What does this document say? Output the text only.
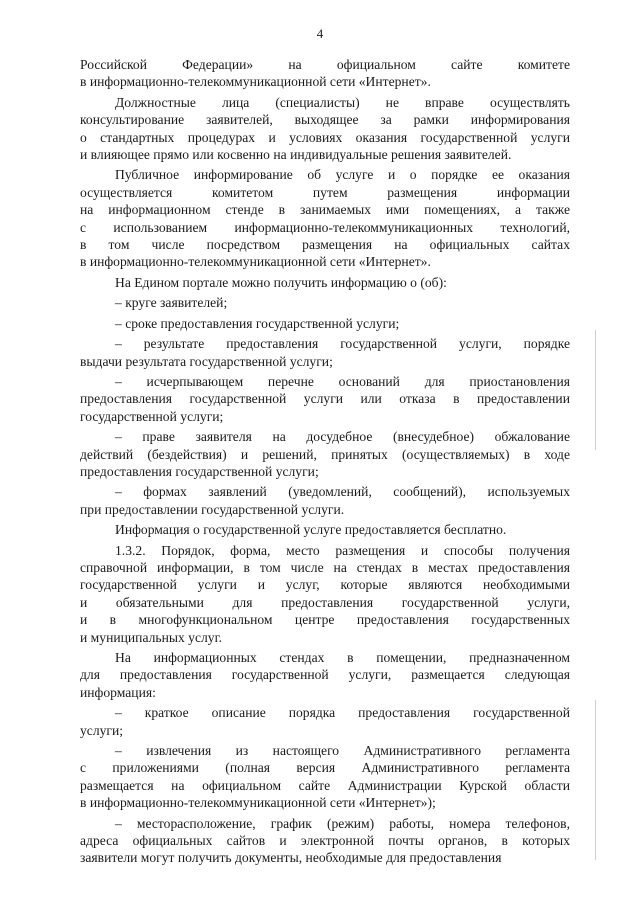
4
Российской Федерации» на официальном сайте комитете
в информационно-телекоммуникационной сети «Интернет».
Должностные лица (специалисты) не вправе осуществлять
консультирование заявителей, выходящее за рамки информирования
о стандартных процедурах и условиях оказания государственной услуги
и влияющее прямо или косвенно на индивидуальные решения заявителей.
Публичное информирование об услуге и о порядке ее оказания
осуществляется комитетом путем размещения информации
на информационном стенде в занимаемых ими помещениях, а также
с использованием информационно-телекоммуникационных технологий,
в том числе посредством размещения на официальных сайтах
в информационно-телекоммуникационной сети «Интернет».
На Едином портале можно получить информацию о (об):
– круге заявителей;
– сроке предоставления государственной услуги;
– результате предоставления государственной услуги, порядке
выдачи результата государственной услуги;
– исчерпывающем перечне оснований для приостановления
предоставления государственной услуги или отказа в предоставлении
государственной услуги;
– праве заявителя на досудебное (внесудебное) обжалование
действий (бездействия) и решений, принятых (осуществляемых) в ходе
предоставления государственной услуги;
– формах заявлений (уведомлений, сообщений), используемых
при предоставлении государственной услуги.
Информация о государственной услуге предоставляется бесплатно.
1.3.2. Порядок, форма, место размещения и способы получения
справочной информации, в том числе на стендах в местах предоставления
государственной услуги и услуг, которые являются необходимыми
и обязательными для предоставления государственной услуги,
и в многофункциональном центре предоставления государственных
и муниципальных услуг.
На информационных стендах в помещении, предназначенном
для предоставления государственной услуги, размещается следующая
информация:
– краткое описание порядка предоставления государственной
услуги;
– извлечения из настоящего Административного регламента
с приложениями (полная версия Административного регламента
размещается на официальном сайте Администрации Курской области
в информационно-телекоммуникационной сети «Интернет»);
– месторасположение, график (режим) работы, номера телефонов,
адреса официальных сайтов и электронной почты органов, в которых
заявители могут получить документы, необходимые для предоставления
